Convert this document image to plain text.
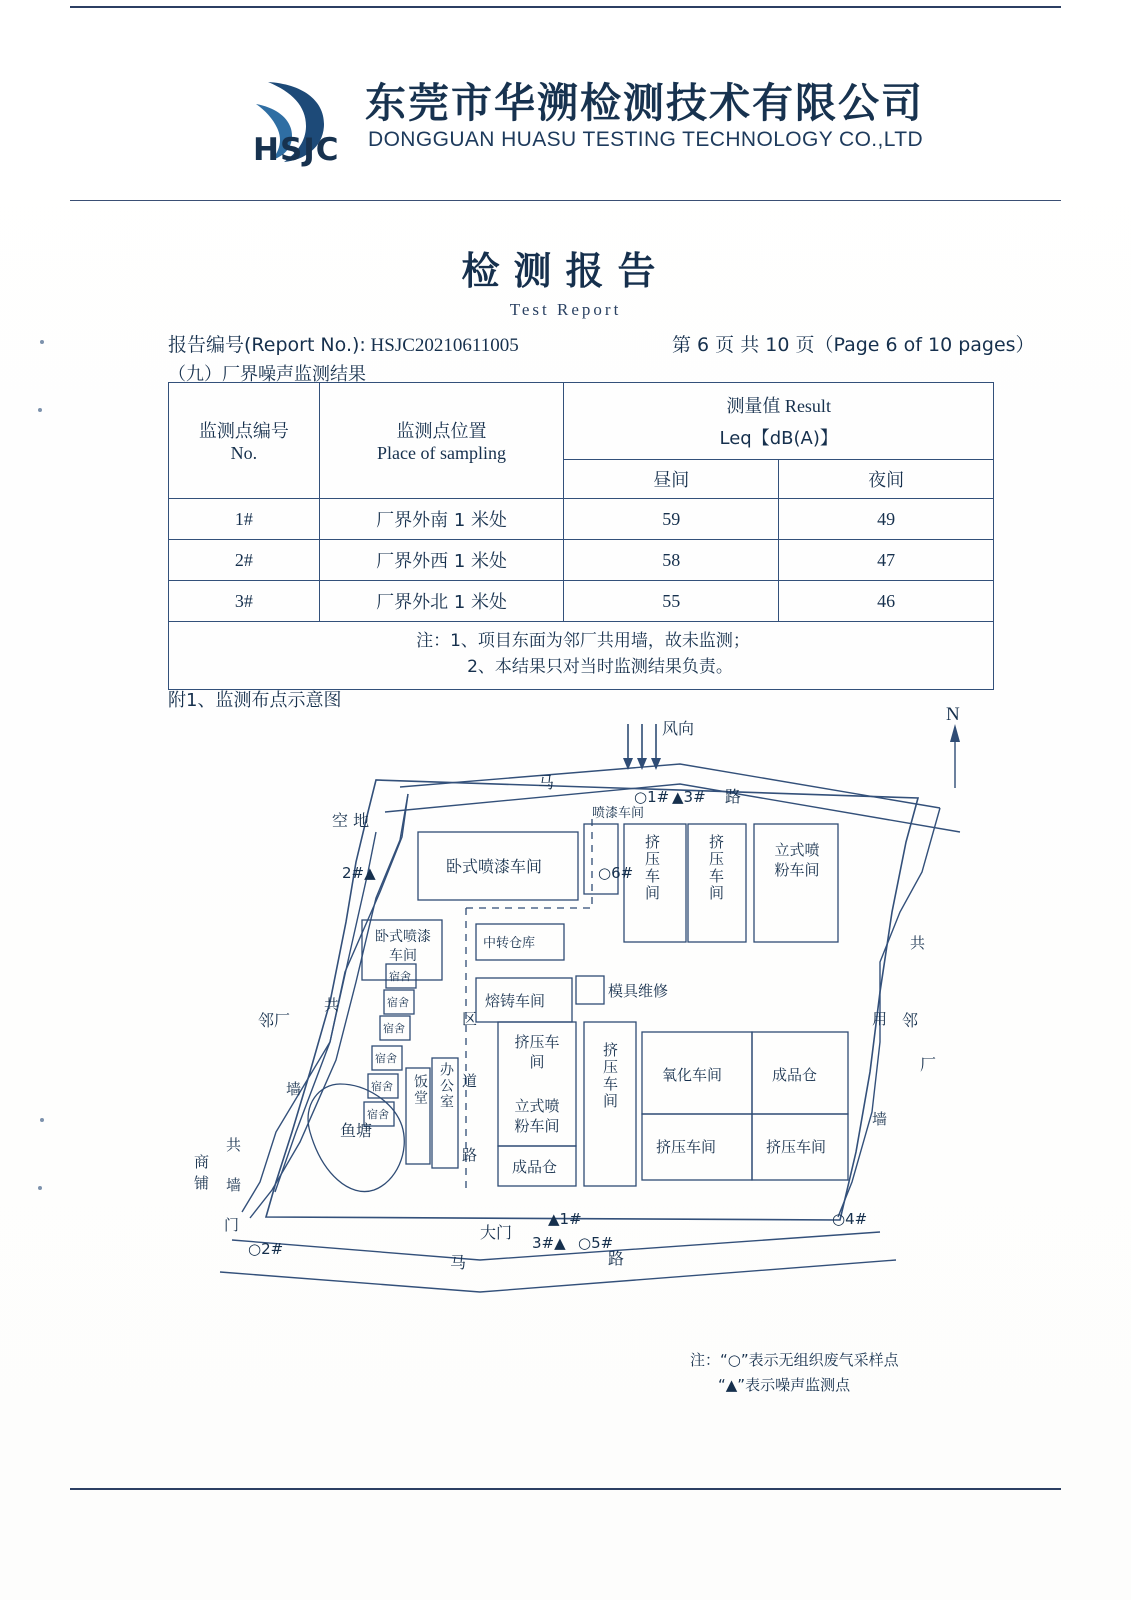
HSJC
东莞市华溯检测技术有限公司
DONGGUAN HUASU TESTING TECHNOLOGY CO.,LTD
检测报告
Test Report
报告编号(Report No.): HSJC20210611005	第 6 页 共 10 页（Page 6 of 10 pages）
（九）厂界噪声监测结果
监测点编号
No.

监测点位置
Place of sampling

测量值 Result
Leq【dB(A)】

		昼间	夜间
1#	厂界外南 1 米处	59	49
2#	厂界外西 1 米处	58	47
3#	厂界外北 1 米处	55	46

注：1、项目东面为邻厂共用墙，故未监测；
2、本结果只对当时监测结果负责。			
附1、监测布点示意图
风向
N
马
路
马	路
空 地
卧式喷漆车间
喷漆车间
挤压车间	挤压车间	立式喷粉车间
卧式喷漆车间
中转仓库
熔铸车间
模具维修
挤压车间	挤压车间	氧化车间	成品仓
立式喷粉车间
挤压车间	挤压车间
成品仓
饭堂 办公室
宿舍
宿舍
宿舍
宿舍
宿舍
宿舍
鱼塘
区
道
路
邻厂
共
墙
共
商铺 墙
门	大门
邻
厂
共
用
墙
○1# ▲3#
○6#
2#▲
○4#
▲1#
3#▲ ○5#
○2#
注：“○”表示无组织废气采样点
“▲”表示噪声监测点
